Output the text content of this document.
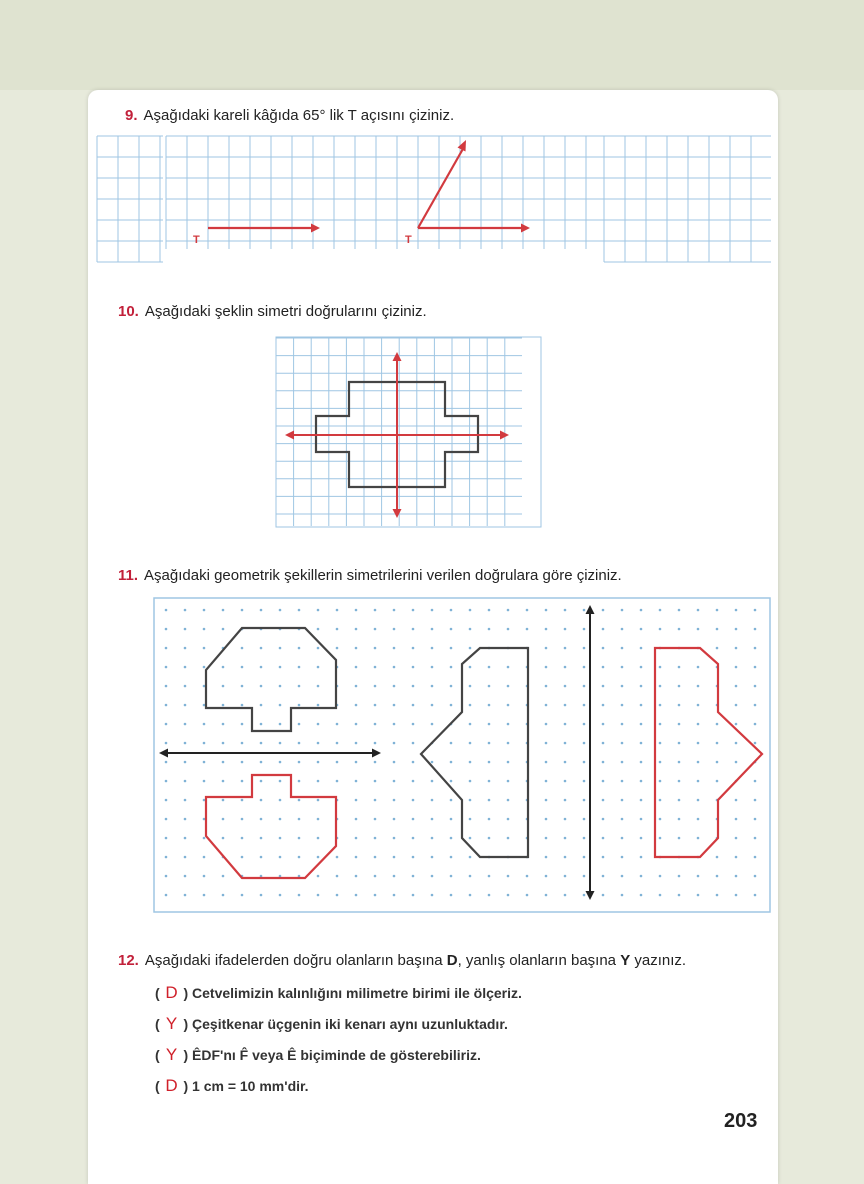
9. Aşağıdaki kareli kâğıda 65° lik T açısını çiziniz.
T	T
10. Aşağıdaki şeklin simetri doğrularını çiziniz.
11. Aşağıdaki geometrik şekillerin simetrilerini verilen doğrulara göre çiziniz.
12. Aşağıdaki ifadelerden doğru olanların başına D, yanlış olanların başına Y yazınız.
( D ) Cetvelimizin kalınlığını milimetre birimi ile ölçeriz.
( Y ) Çeşitkenar üçgenin iki kenarı aynı uzunluktadır.
( Y ) ÊDF'nı F̂ veya Ê biçiminde de gösterebiliriz.
( D ) 1 cm = 10 mm'dir.
203
